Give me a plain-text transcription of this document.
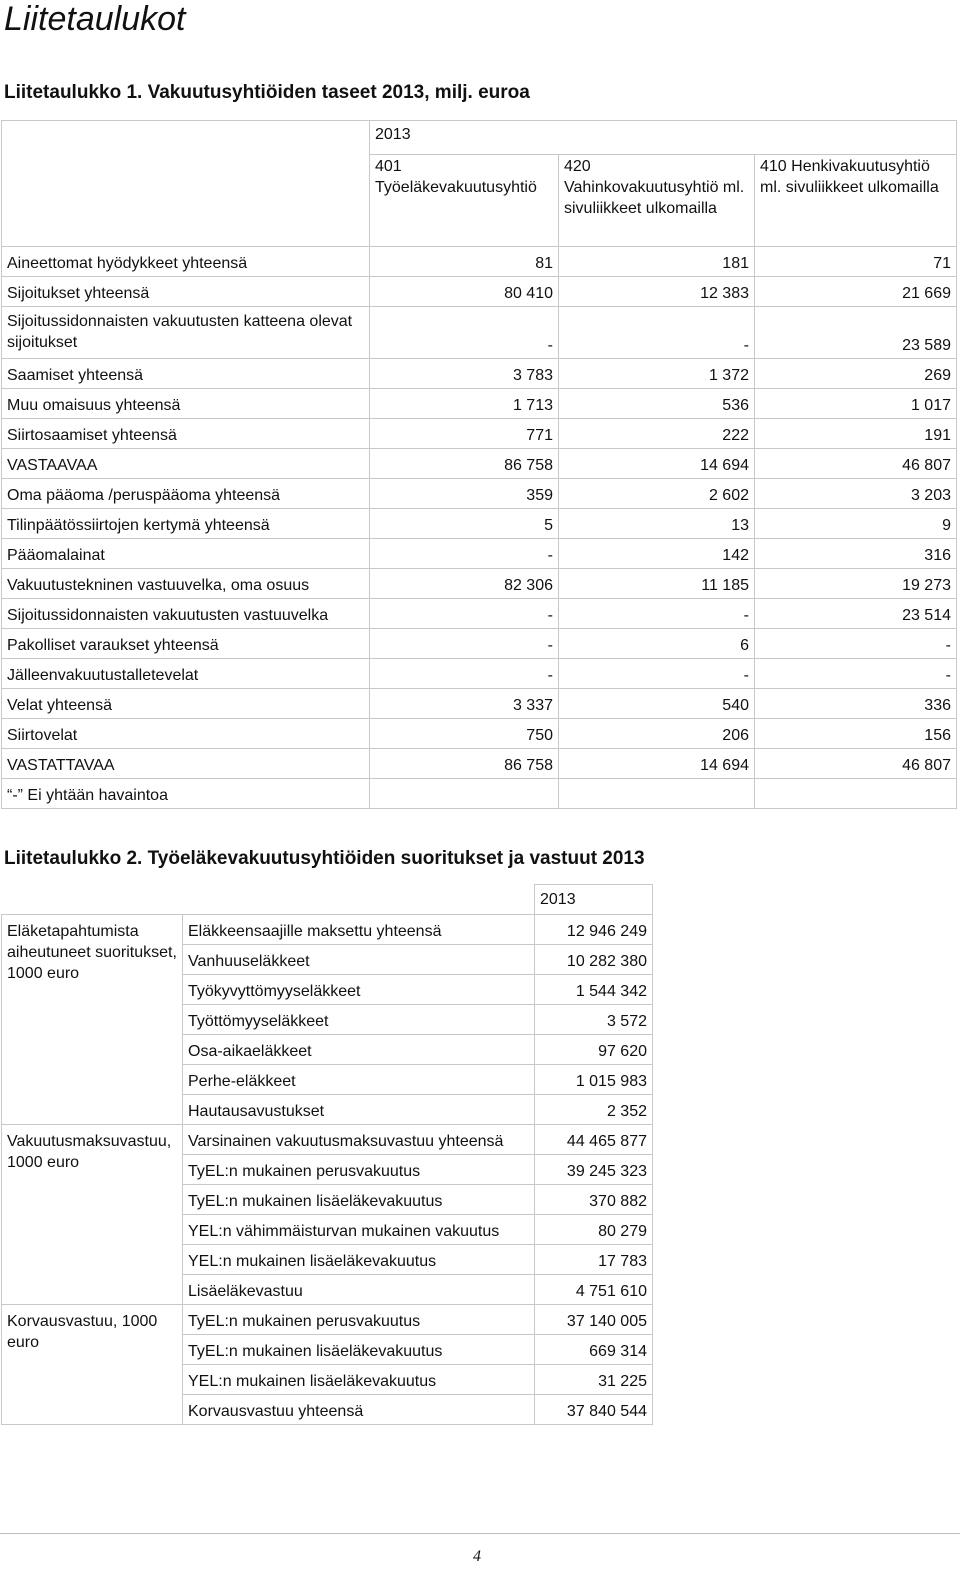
Liitetaulukot
Liitetaulukko 1. Vakuutusyhtiöiden taseet 2013, milj. euroa
	2013		
	401 Työeläkevakuutusyhtiö	420 Vahinkovakuutusyhtiö ml. sivuliikkeet ulkomailla	410 Henkivakuutusyhtiö ml. sivuliikkeet ulkomailla
Aineettomat hyödykkeet yhteensä	81	181	71
Sijoitukset yhteensä	80 410	12 383	21 669
Sijoitussidonnaisten vakuutusten katteena olevat sijoitukset	-	-	23 589
Saamiset yhteensä	3 783	1 372	269
Muu omaisuus yhteensä	1 713	536	1 017
Siirtosaamiset yhteensä	771	222	191
VASTAAVAA	86 758	14 694	46 807
Oma pääoma /peruspääoma yhteensä	359	2 602	3 203
Tilinpäätössiirtojen kertymä yhteensä	5	13	9
Pääomalainat	-	142	316
Vakuutustekninen vastuuvelka, oma osuus	82 306	11 185	19 273
Sijoitussidonnaisten vakuutusten vastuuvelka	-	-	23 514
Pakolliset varaukset yhteensä	-	6	-
Jälleenvakuutustalletevelat	-	-	-
Velat yhteensä	3 337	540	336
Siirtovelat	750	206	156
VASTATTAVAA	86 758	14 694	46 807
“-” Ei yhtään havaintoa			
Liitetaulukko 2. Työeläkevakuutusyhtiöiden suoritukset ja vastuut 2013
		2013
Eläketapahtumista aiheutuneet suoritukset, 1000 euro	Eläkkeensaajille maksettu yhteensä	12 946 249
	Vanhuuseläkkeet	10 282 380
	Työkyvyttömyyseläkkeet	1 544 342
	Työttömyyseläkkeet	3 572
	Osa-aikaeläkkeet	97 620
	Perhe-eläkkeet	1 015 983
	Hautausavustukset	2 352
Vakuutusmaksuvastuu, 1000 euro	Varsinainen vakuutusmaksuvastuu yhteensä	44 465 877
	TyEL:n mukainen perusvakuutus	39 245 323
	TyEL:n mukainen lisäeläkevakuutus	370 882
	YEL:n vähimmäisturvan mukainen vakuutus	80 279
	YEL:n mukainen lisäeläkevakuutus	17 783
	Lisäeläkevastuu	4 751 610
Korvausvastuu, 1000 euro	TyEL:n mukainen perusvakuutus	37 140 005
	TyEL:n mukainen lisäeläkevakuutus	669 314
	YEL:n mukainen lisäeläkevakuutus	31 225
	Korvausvastuu yhteensä	37 840 544
4
